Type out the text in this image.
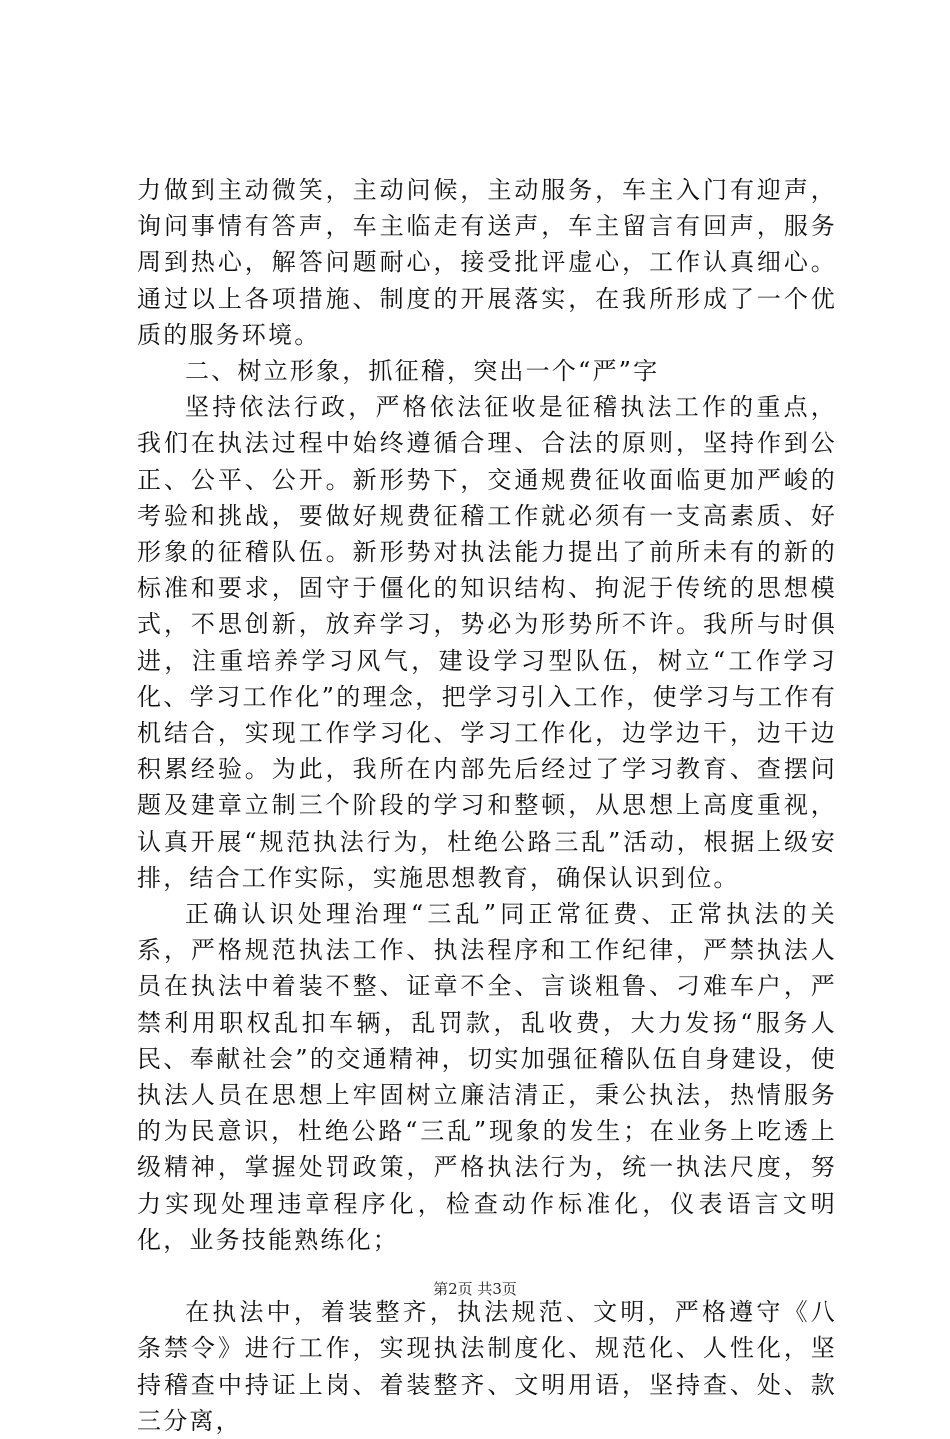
力做到主动微笑，主动问候，主动服务，车主入门有迎声，询问事情有答声，车主临走有送声，车主留言有回声，服务周到热心，解答问题耐心，接受批评虚心，工作认真细心。通过以上各项措施、制度的开展落实，在我所形成了一个优质的服务环境。

二、树立形象，抓征稽，突出一个“严”字

坚持依法行政，严格依法征收是征稽执法工作的重点，我们在执法过程中始终遵循合理、合法的原则，坚持作到公正、公平、公开。新形势下，交通规费征收面临更加严峻的考验和挑战，要做好规费征稽工作就必须有一支高素质、好形象的征稽队伍。新形势对执法能力提出了前所未有的新的标准和要求，固守于僵化的知识结构、拘泥于传统的思想模式，不思创新，放弃学习，势必为形势所不许。我所与时俱进，注重培养学习风气，建设学习型队伍，树立“工作学习化、学习工作化”的理念，把学习引入工作，使学习与工作有机结合，实现工作学习化、学习工作化，边学边干，边干边积累经验。为此，我所在内部先后经过了学习教育、查摆问题及建章立制三个阶段的学习和整顿，从思想上高度重视，认真开展“规范执法行为，杜绝公路三乱”活动，根据上级安排，结合工作实际，实施思想教育，确保认识到位。

正确认识处理治理“三乱”同正常征费、正常执法的关系，严格规范执法工作、执法程序和工作纪律，严禁执法人员在执法中着装不整、证章不全、言谈粗鲁、刁难车户，严禁利用职权乱扣车辆，乱罚款，乱收费，大力发扬“服务人民、奉献社会”的交通精神，切实加强征稽队伍自身建设，使执法人员在思想上牢固树立廉洁清正，秉公执法，热情服务的为民意识，杜绝公路“三乱”现象的发生；在业务上吃透上级精神，掌握处罚政策，严格执法行为，统一执法尺度，努力实现处理违章程序化，检查动作标准化，仪表语言文明化，业务技能熟练化；

在执法中，着装整齐，执法规范、文明，严格遵守《八条禁令》进行工作，实现执法制度化、规范化、人性化，坚持稽查中持证上岗、着装整齐、文明用语，坚持查、处、款三分离，

第2页 共3页
